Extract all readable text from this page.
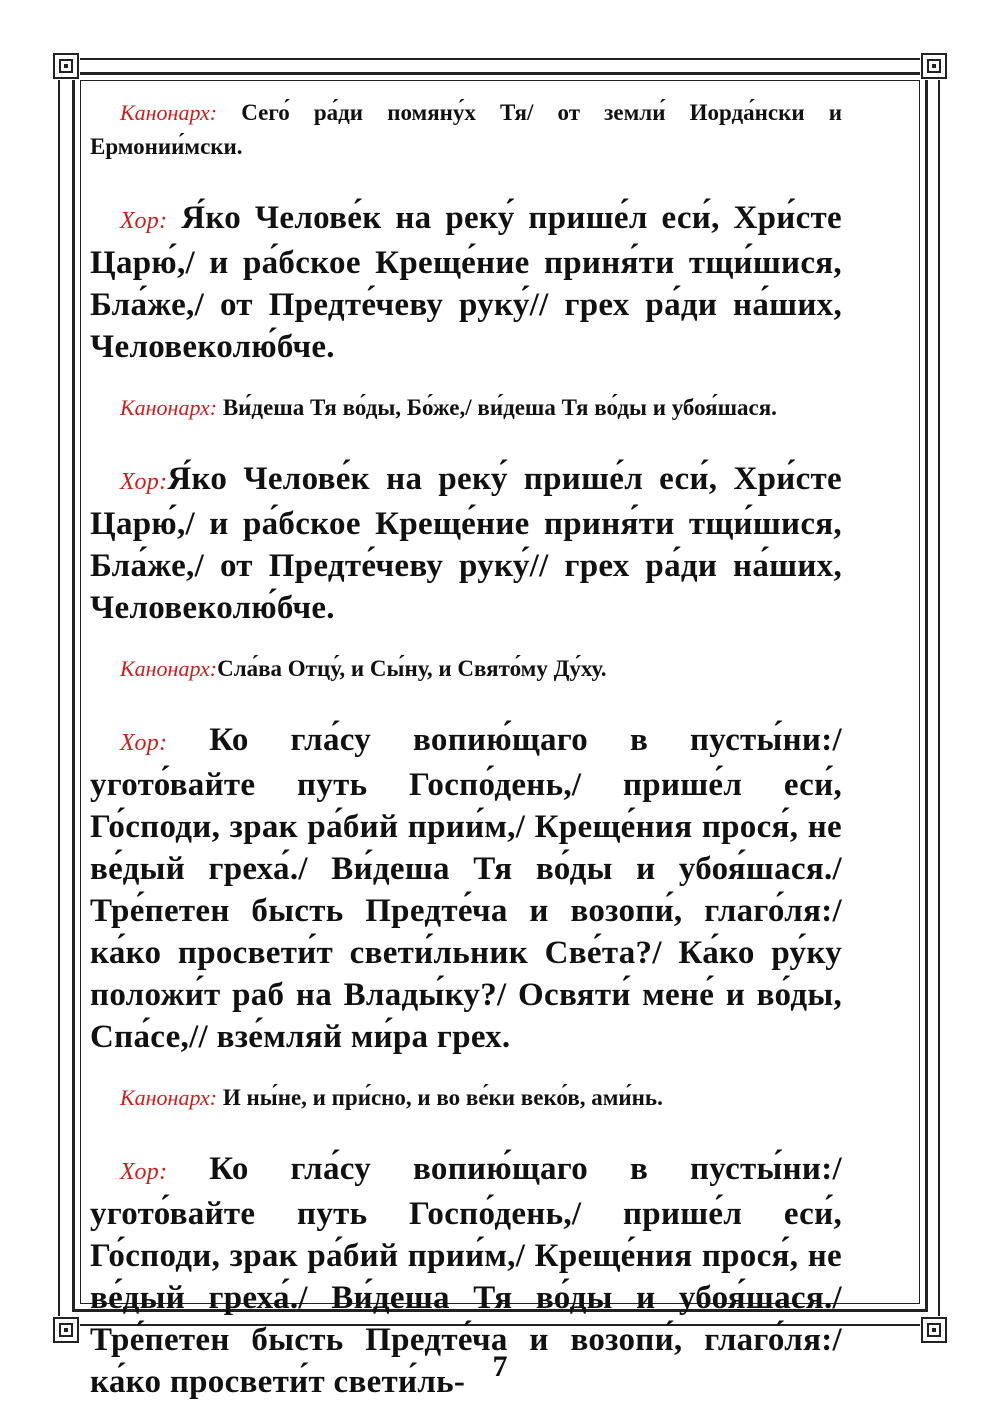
Канонарх: Сего́ ра́ди помяну́х Тя/ от земли́ Иорда́нски и Ермонии́мски.

Хор: Я́ко Челове́к на реку́ прише́л еси́, Хри́сте Царю́,/ и ра́бское Креще́ние приня́ти тщи́шися, Бла́же,/ от Предте́чеву руку́// грех ра́ди на́ших, Человеколю́бче.

Канонарх: Ви́деша Тя во́ды, Бо́же,/ ви́деша Тя во́ды и убоя́шася.

Хор:Я́ко Челове́к на реку́ прише́л еси́, Хри́сте Царю́,/ и ра́бское Креще́ние приня́ти тщи́шися, Бла́же,/ от Предте́чеву руку́// грех ра́ди на́ших, Человеколю́бче.

Канонарх:Сла́ва Отцу́, и Сы́ну, и Свято́му Ду́ху.

Хор: Ко гла́су вопию́щаго в пусты́ни:/ угото́вайте путь Госпо́день,/ прише́л еси́, Го́споди, зрак ра́бий прии́м,/ Креще́ния прося́, не ве́дый греха́./ Ви́деша Тя во́ды и убоя́шася./ Тре́петен бысть Предте́ча и возопи́, глаго́ля:/ ка́ко просвети́т свети́льник Све́та?/ Ка́ко ру́ку положи́т раб на Влады́ку?/ Освяти́ мене́ и во́ды, Спа́се,// взе́мляй ми́ра грех.

Канонарх: И ны́не, и при́сно, и во ве́ки веко́в, ами́нь.

Хор: Ко гла́су вопию́щаго в пусты́ни:/ угото́вайте путь Госпо́день,/ прише́л еси́, Го́споди, зрак ра́бий прии́м,/ Креще́ния прося́, не ве́дый греха́./ Ви́деша Тя во́ды и убоя́шася./ Тре́петен бысть Предте́ча и возопи́, глаго́ля:/ ка́ко просвети́т свети́ль- 7
